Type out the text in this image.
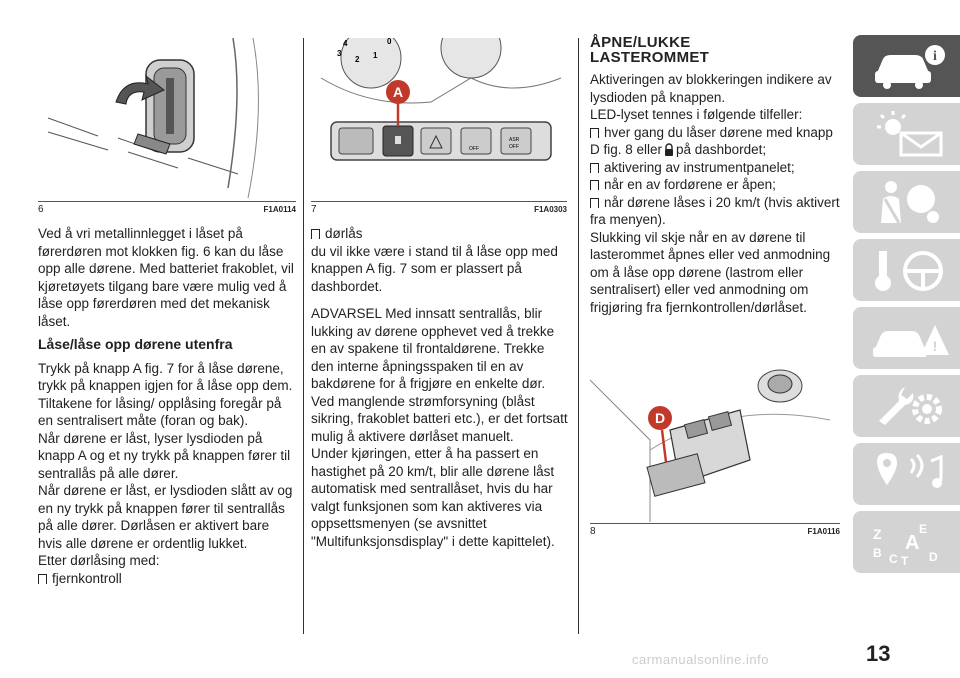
6	F1A0114
4
3
2 1
0
OFF
ASR
OFF
A
7	F1A0303
D
8	F1A0116

Ved å vri metallinnlegget i låset på førerdøren mot klokken fig. 6 kan du låse opp alle dørene. Med batteriet frakoblet, vil kjøretøyets tilgang bare være mulig ved å låse opp førerdøren med det mekanisk låset.

Låse/låse opp dørene utenfra

Trykk på knapp A fig. 7 for å låse dørene, trykk på knappen igjen for å låse opp dem. Tiltakene for låsing/ opplåsing foregår på en sentralisert måte (foran og bak).

Når dørene er låst, lyser lysdioden på knapp A og et ny trykk på knappen fører til sentrallås på alle dører.

Når dørene er låst, er lysdioden slått av og en ny trykk på knappen fører til sentrallås på alle dører. Dørlåsen er aktivert bare hvis alle dørene er ordentlig lukket.

Etter dørlåsing med:

fjernkontroll

dørlås

du vil ikke være i stand til å låse opp med knappen A fig. 7 som er plassert på dashbordet.

ADVARSEL Med innsatt sentrallås, blir lukking av dørene opphevet ved å trekke en av spakene til frontaldørene. Trekke den interne åpningsspaken til en av bakdørene for å frigjøre en enkelte dør.

Ved manglende strømforsyning (blåst sikring, frakoblet batteri etc.), er det fortsatt mulig å aktivere dørlåset manuelt.

Under kjøringen, etter å ha passert en hastighet på 20 km/t, blir alle dørene låst automatisk med sentrallåset, hvis du har valgt funksjonen som kan aktiveres via oppsettsmenyen (se avsnittet "Multifunksjonsdisplay" i dette kapittelet).

ÅPNE/LUKKE
LASTEROMMET

Aktiveringen av blokkeringen indikere av lysdioden på knappen.

LED-lyset tennes i følgende tilfeller:

hver gang du låser dørene med knapp D fig. 8 eller på dashbordet;

aktivering av instrumentpanelet;

når en av fordørene er åpen;

når dørene låses i 20 km/t (hvis aktivert fra menyen).

Slukking vil skje når en av dørene til lasterommet åpnes eller ved anmodning om å låse opp dørene (lastrom eller sentralisert) eller ved anmodning om frigjøring fra fjernkontrollen/dørlåset.

i
!
Z	E
A
B C T D
13
carmanualsonline.info
